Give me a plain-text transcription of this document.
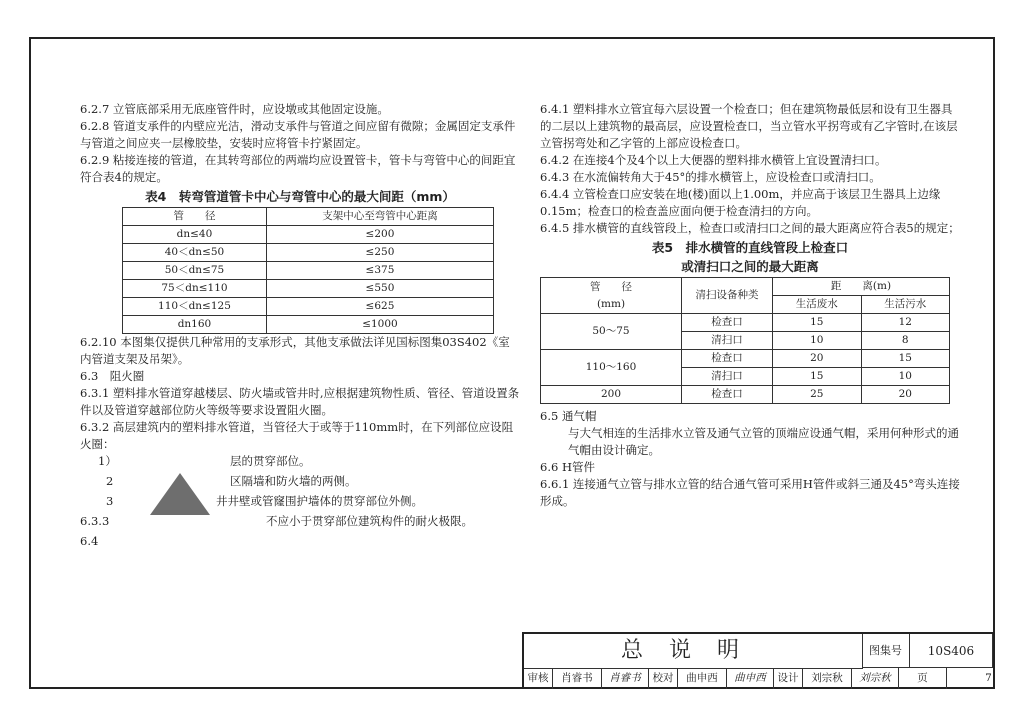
6.2.7 立管底部采用无底座管件时，应设墩或其他固定设施。

6.2.8 管道支承件的内壁应光洁，滑动支承件与管道之间应留有微隙；金属固定支承件与管道之间应夹一层橡胶垫，安装时应将管卡拧紧固定。

6.2.9 粘接连接的管道，在其转弯部位的两端均应设置管卡，管卡与弯管中心的间距宜符合表4的规定。

表4　转弯管道管卡中心与弯管中心的最大间距（mm）
管　　径	支架中心至弯管中心距离
dn≤40	≤200
40＜dn≤50	≤250
50＜dn≤75	≤375
75＜dn≤110	≤550
110＜dn≤125	≤625
dn160	≤1000

6.2.10 本图集仅提供几种常用的支承形式，其他支承做法详见国标图集03S402《室内管道支架及吊架》。

6.3　阻火圈

6.3.1 塑料排水管道穿越楼层、防火墙或管井时,应根据建筑物性质、管径、管道设置条件以及管道穿越部位防火等级等要求设置阻火圈。

6.3.2 高层建筑内的塑料排水管道，当管径大于或等于110mm时，在下列部位应设阻火圈：

1）	层的贯穿部位。
2	区隔墙和防火墙的两侧。
3	井井壁或管窿围护墙体的贯穿部位外侧。
6.3.3	不应小于贯穿部位建筑构件的耐火极限。

6.4

6.4.1 塑料排水立管宜每六层设置一个检查口；但在建筑物最低层和设有卫生器具的二层以上建筑物的最高层，应设置检查口，当立管水平拐弯或有乙字管时,在该层立管拐弯处和乙字管的上部应设检查口。

6.4.2 在连接4个及4个以上大便器的塑料排水横管上宜设置清扫口。

6.4.3 在水流偏转角大于45°的排水横管上，应设检查口或清扫口。

6.4.4 立管检查口应安装在地(楼)面以上1.00m，并应高于该层卫生器具上边缘0.15m；检查口的检查盖应面向便于检查清扫的方向。

6.4.5 排水横管的直线管段上，检查口或清扫口之间的最大距离应符合表5的规定；

表5　排水横管的直线管段上检查口
或清扫口之间的最大距离
管　　径
(mm)	清扫设备种类	距　　离(m)	
		生活废水	生活污水
50～75	检查口	15	12
	清扫口	10	8
110～160	检查口	20	15
	清扫口	15	10
200	检查口	25	20

6.5 通气帽

与大气相连的生活排水立管及通气立管的顶端应设通气帽，采用何种形式的通气帽由设计确定。

6.6 H管件

6.6.1 连接通气立管与排水立管的结合通气管可采用H管件或斜三通及45°弯头连接形成。

总说明	图集号	10S406
审核	肖睿书	肖睿书	校对	曲申西	曲申西	设计	刘宗秋	刘宗秋	页	7
